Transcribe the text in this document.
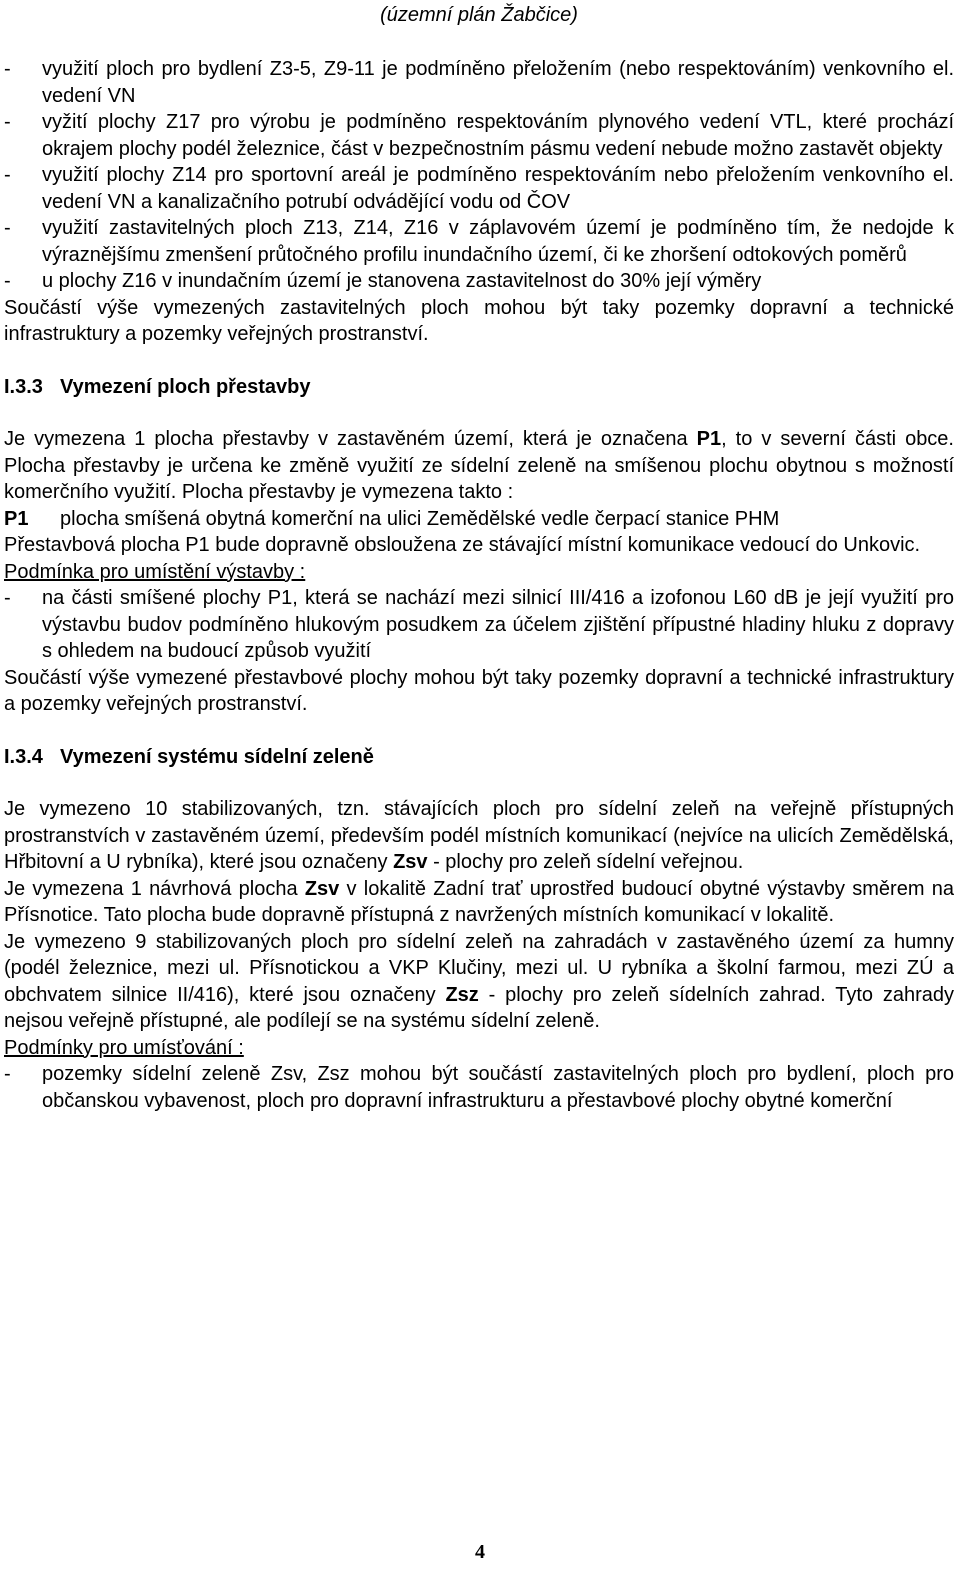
(územní plán Žabčice)
- využití ploch pro bydlení Z3-5, Z9-11 je podmíněno přeložením (nebo respektováním) venkovního el. vedení VN
- vyžití plochy Z17 pro výrobu je podmíněno respektováním plynového vedení VTL, které prochází okrajem plochy podél železnice, část v bezpečnostním pásmu vedení nebude možno zastavět objekty
- využití plochy Z14 pro sportovní areál je podmíněno respektováním nebo přeložením venkovního el. vedení VN a kanalizačního potrubí odvádějící vodu od ČOV
- využití zastavitelných ploch Z13, Z14, Z16 v záplavovém území je podmíněno tím, že nedojde k výraznějšímu zmenšení průtočného profilu inundačního území, či ke zhoršení odtokových poměrů
- u plochy Z16 v inundačním území je stanovena zastavitelnost do 30% její výměry
Součástí výše vymezených zastavitelných ploch mohou být taky pozemky dopravní a technické infrastruktury a pozemky veřejných prostranství.
I.3.3 Vymezení ploch přestavby
Je vymezena 1 plocha přestavby v zastavěném území, která je označena P1, to v severní části obce. Plocha přestavby je určena ke změně využití ze sídelní zeleně na smíšenou plochu obytnou s možností komerčního využití. Plocha přestavby je vymezena takto :
P1	plocha smíšená obytná komerční na ulici Zemědělské vedle čerpací stanice PHM
Přestavbová plocha P1 bude dopravně obsloužena ze stávající místní komunikace vedoucí do Unkovic.
Podmínka pro umístění výstavby :
- na části smíšené plochy P1, která se nachází mezi silnicí III/416 a izofonou L60 dB je její využití pro výstavbu budov podmíněno hlukovým posudkem za účelem zjištění přípustné hladiny hluku z dopravy s ohledem na budoucí způsob využití
Součástí výše vymezené přestavbové plochy mohou být taky pozemky dopravní a technické infrastruktury a pozemky veřejných prostranství.
I.3.4 Vymezení systému sídelní zeleně
Je vymezeno 10 stabilizovaných, tzn. stávajících ploch pro sídelní zeleň na veřejně přístupných prostranstvích v zastavěném území, především podél místních komunikací (nejvíce na ulicích Zemědělská, Hřbitovní a U rybníka), které jsou označeny Zsv - plochy pro zeleň sídelní veřejnou.
Je vymezena 1 návrhová plocha Zsv v lokalitě Zadní trať uprostřed budoucí obytné výstavby směrem na Přísnotice. Tato plocha bude dopravně přístupná z navržených místních komunikací v lokalitě.
Je vymezeno 9 stabilizovaných ploch pro sídelní zeleň na zahradách v zastavěného území za humny (podél železnice, mezi ul. Přísnotickou a VKP Klučiny, mezi ul. U rybníka a školní farmou, mezi ZÚ a obchvatem silnice II/416), které jsou označeny Zsz - plochy pro zeleň sídelních zahrad. Tyto zahrady nejsou veřejně přístupné, ale podílejí se na systému sídelní zeleně.
Podmínky pro umísťování :
- pozemky sídelní zeleně Zsv, Zsz mohou být součástí zastavitelných ploch pro bydlení, ploch pro občanskou vybavenost, ploch pro dopravní infrastrukturu a přestavbové plochy obytné komerční
4
